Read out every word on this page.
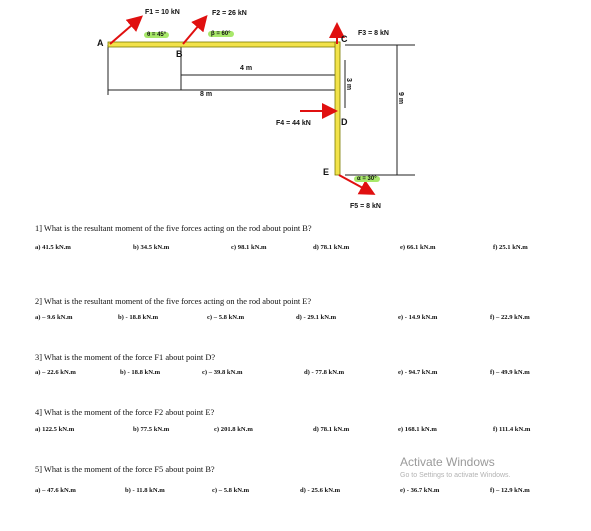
F1 = 10 kN	F2 = 26 kN
F3 = 8 kN
F4 = 44 kN
F5 = 8 kN
θ = 45°	β = 60°
α = 30°
A
B
C
D
E
4 m
8 m
3 m
9 m
1] What is the resultant moment of the five forces acting on the rod about point B?
a) 41.5 kN.m	b) 34.5 kN.m	c) 98.1 kN.m	d) 78.1 kN.m	e) 66.1 kN.m	f) 25.1 kN.m
2] What is the resultant moment of the five forces acting on the rod about point E?
a) – 9.6 kN.m	b) - 18.8 kN.m	c) – 5.8 kN.m	d) - 29.1 kN.m	e) - 14.9 kN.m	f) – 22.9 kN.m
3] What is the moment of the force F1 about point D?
a) – 22.6 kN.m	b) - 18.8 kN.m	c) – 39.8 kN.m	d) - 77.8 kN.m	e) - 94.7 kN.m	f) – 49.9 kN.m
4] What is the moment of the force F2 about point E?
a) 122.5 kN.m	b) 77.5 kN.m	c) 201.8 kN.m	d) 78.1 kN.m	e) 168.1 kN.m	f) 111.4 kN.m
5] What is the moment of the force F5 about point B?
a) – 47.6 kN.m	b) - 11.8 kN.m	c) – 5.8 kN.m	d) - 25.6 kN.m	e) - 36.7 kN.m	f) – 12.9 kN.m
Activate Windows
Go to Settings to activate Windows.
